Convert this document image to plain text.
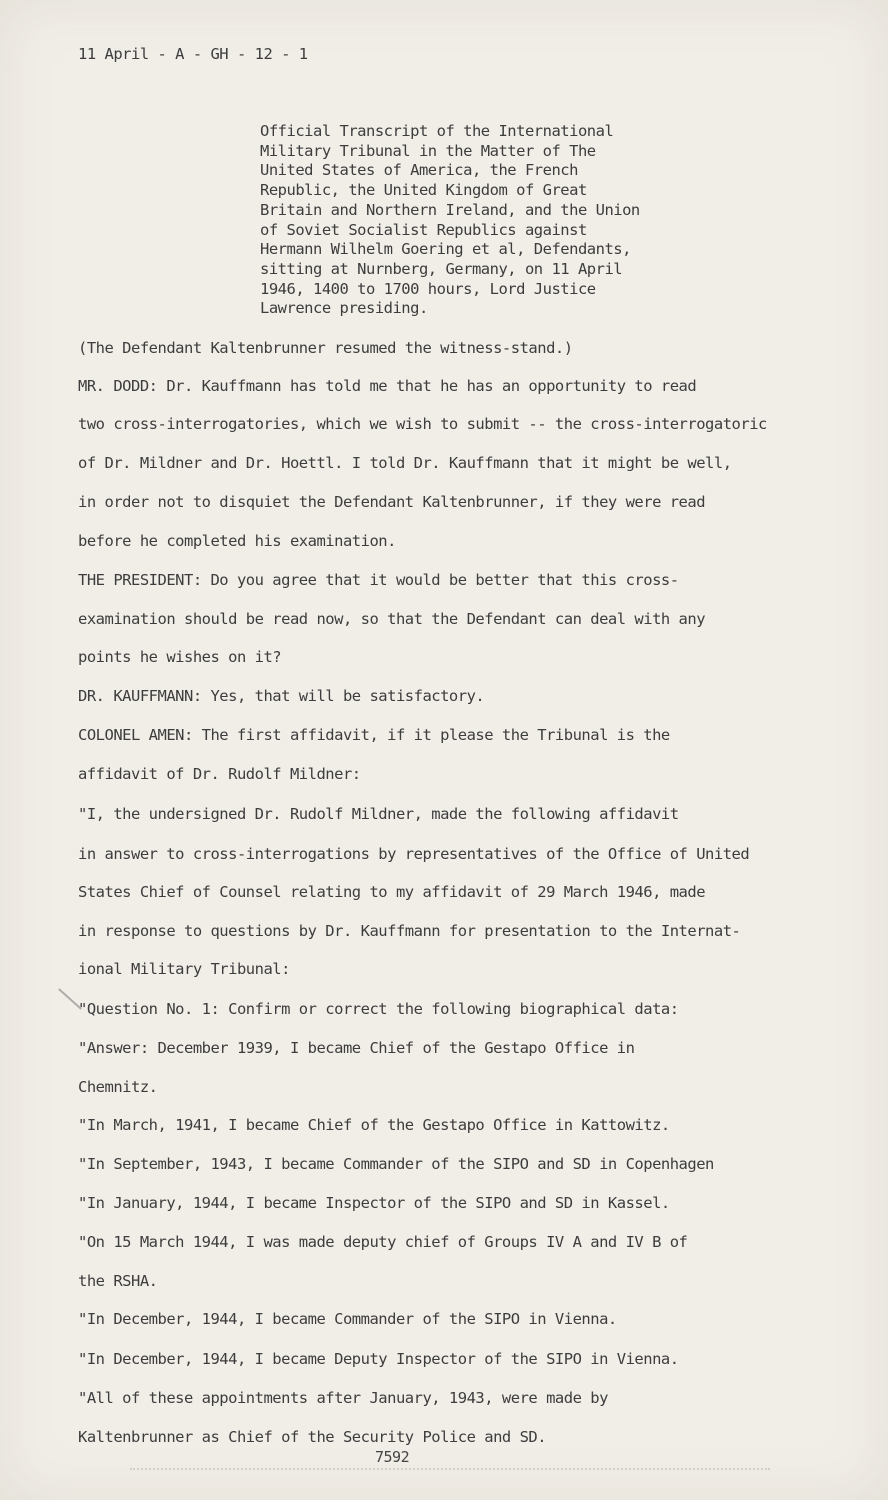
11 April - A - GH - 12 - 1

Official Transcript of the International
Military Tribunal in the Matter of The
United States of America, the French
Republic, the United Kingdom of Great
Britain and Northern Ireland, and the Union
of Soviet Socialist Republics against
Hermann Wilhelm Goering et al, Defendants,
sitting at Nurnberg, Germany, on 11 April
1946, 1400 to 1700 hours, Lord Justice
Lawrence presiding.

(The Defendant Kaltenbrunner resumed the witness-stand.)

MR. DODD: Dr. Kauffmann has told me that he has an opportunity to read

two cross-interrogatories, which we wish to submit -- the cross-interrogatoric

of Dr. Mildner and Dr. Hoettl. I told Dr. Kauffmann that it might be well,

in order not to disquiet the Defendant Kaltenbrunner, if they were read

before he completed his examination.

THE PRESIDENT: Do you agree that it would be better that this cross-

examination should be read now, so that the Defendant can deal with any

points he wishes on it?

DR. KAUFFMANN: Yes, that will be satisfactory.

COLONEL AMEN: The first affidavit, if it please the Tribunal is the

affidavit of Dr. Rudolf Mildner:

"I, the undersigned Dr. Rudolf Mildner, made the following affidavit

in answer to cross-interrogations by representatives of the Office of United

States Chief of Counsel relating to my affidavit of 29 March 1946, made

in response to questions by Dr. Kauffmann for presentation to the Internat-

ional Military Tribunal:

"Question No. 1: Confirm or correct the following biographical data:

"Answer: December 1939, I became Chief of the Gestapo Office in

Chemnitz.

"In March, 1941, I became Chief of the Gestapo Office in Kattowitz.

"In September, 1943, I became Commander of the SIPO and SD in Copenhagen

"In January, 1944, I became Inspector of the SIPO and SD in Kassel.

"On 15 March 1944, I was made deputy chief of Groups IV A and IV B of

the RSHA.

"In December, 1944, I became Commander of the SIPO in Vienna.

"In December, 1944, I became Deputy Inspector of the SIPO in Vienna.

"All of these appointments after January, 1943, were made by

Kaltenbrunner as Chief of the Security Police and SD.

7592
